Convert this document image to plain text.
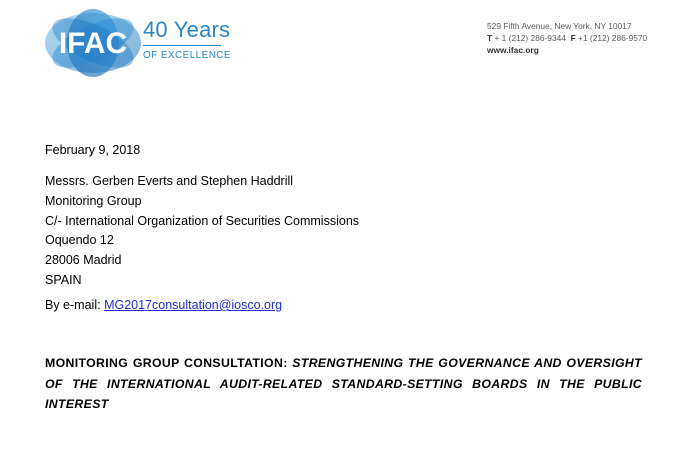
IFAC 40 Years
OF EXCELLENCE
529 Fifth Avenue, New York, NY 10017
T + 1 (212) 286-9344 F +1 (212) 286-9570
www.ifac.org
February 9, 2018
Messrs. Gerben Everts and Stephen Haddrill
Monitoring Group
C/- International Organization of Securities Commissions
Oquendo 12
28006 Madrid
SPAIN
By e-mail: MG2017consultation@iosco.org
MONITORING GROUP CONSULTATION: STRENGTHENING THE GOVERNANCE AND OVERSIGHT OF THE INTERNATIONAL AUDIT-RELATED STANDARD-SETTING BOARDS IN THE PUBLIC INTEREST
